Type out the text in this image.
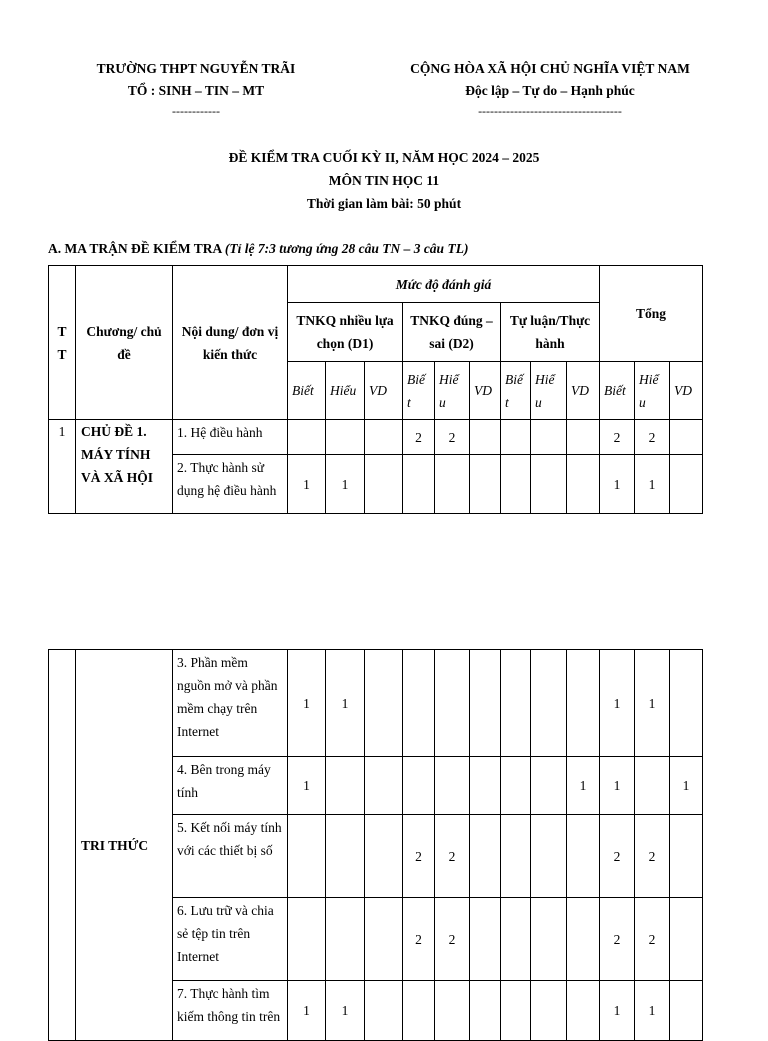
TRƯỜNG THPT NGUYỄN TRÃI
TỔ : SINH – TIN – MT
------------
CỘNG HÒA XÃ HỘI CHỦ NGHĨA VIỆT NAM
Độc lập – Tự do – Hạnh phúc
------------------------------------
ĐỀ KIỂM TRA CUỐI KỲ II, NĂM HỌC 2024 – 2025
MÔN TIN HỌC 11
Thời gian làm bài: 50 phút
A. MA TRẬN ĐỀ KIỂM TRA (Tỉ lệ 7:3 tương ứng 28 câu TN – 3 câu TL)
T T	Chương/ chủ đề	Nội dung/ đơn vị kiến thức	Mức độ đánh giá									Tổng		
			TNKQ nhiều lựa chọn (D1)			TNKQ đúng – sai (D2)			Tự luận/Thực hành					
			Biết	Hiểu	VD	Biế t	Hiể u	VD	Biế t	Hiể u	VD	Biết	Hiể u	VD
1	CHỦ ĐỀ 1. MÁY TÍNH VÀ XÃ HỘI	1. Hệ điều hành				2	2					2	2	
		2. Thực hành sử dụng hệ điều hành	1	1								1	1	
	TRI THỨC	3. Phần mềm nguồn mở và phần mềm chạy trên Internet	1	1								1	1	
		4. Bên trong máy tính	1								1	1		1
		5. Kết nối máy tính với các thiết bị số				2	2					2	2	
		6. Lưu trữ và chia sẻ tệp tin trên Internet				2	2					2	2	
		7. Thực hành tìm kiếm thông tin trên	1	1								1	1	
